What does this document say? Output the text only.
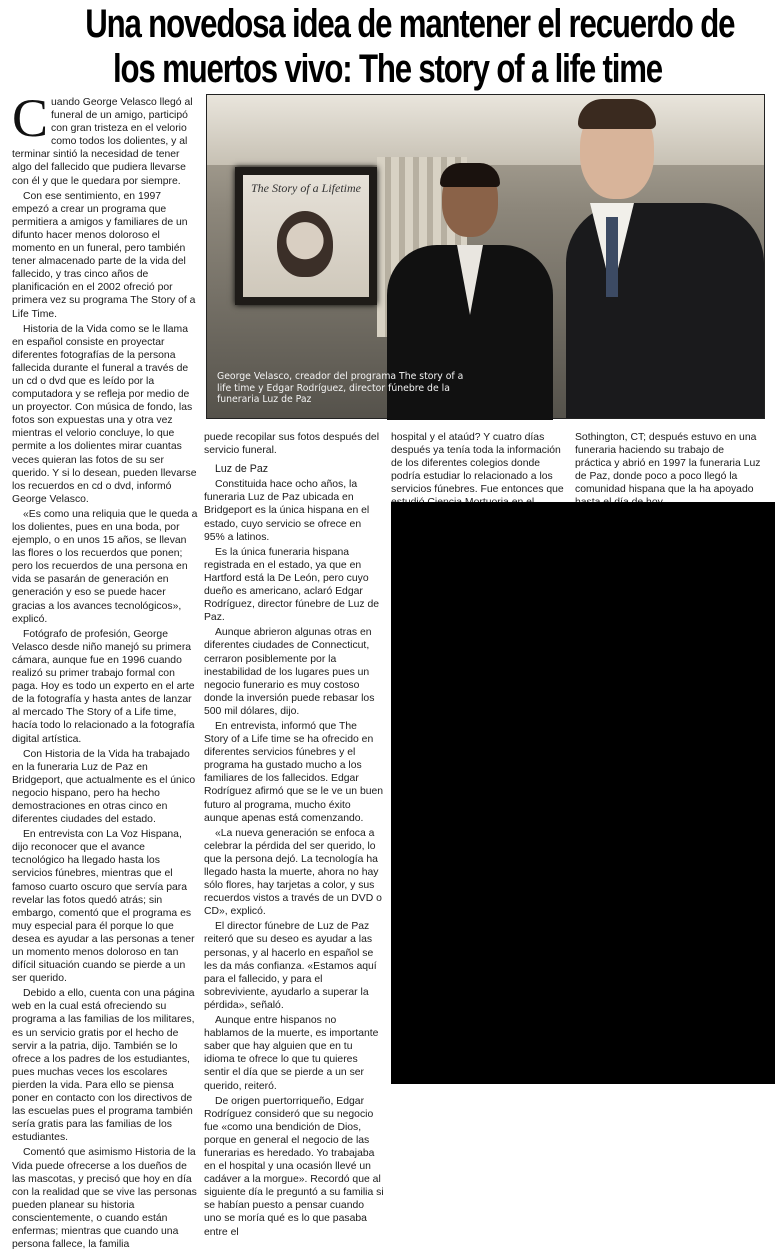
Una novedosa idea de mantener el recuerdo de
los muertos vivo: The story of a life time
C uando George Velasco llegó al funeral de un amigo, participó con gran tristeza en el velorio como todos los dolientes, y al terminar sintió la necesidad de tener algo del fallecido que pudiera llevarse con él y que le quedara por siempre.

Con ese sentimiento, en 1997 empezó a crear un programa que permitiera a amigos y familiares de un difunto hacer menos doloroso el momento en un funeral, pero también tener almacenado parte de la vida del fallecido, y tras cinco años de planificación en el 2002 ofreció por primera vez su programa The Story of a Life Time.

Historia de la Vida como se le llama en español consiste en proyectar diferentes fotografías de la persona fallecida durante el funeral a través de un cd o dvd que es leído por la computadora y se refleja por medio de un proyector. Con música de fondo, las fotos son expuestas una y otra vez mientras el velorio concluye, lo que permite a los dolientes mirar cuantas veces quieran las fotos de su ser querido. Y si lo desean, pueden llevarse los recuerdos en cd o dvd, informó George Velasco.

«Es como una reliquia que le queda a los dolientes, pues en una boda, por ejemplo, o en unos 15 años, se llevan las flores o los recuerdos que ponen; pero los recuerdos de una persona en vida se pasarán de generación en generación y eso se puede hacer gracias a los avances tecnológicos», explicó.

Fotógrafo de profesión, George Velasco desde niño manejó su primera cámara, aunque fue en 1996 cuando realizó su primer trabajo formal con paga. Hoy es todo un experto en el arte de la fotografía y hasta antes de lanzar al mercado The Story of a Life time, hacía todo lo relacionado a la fotografía digital artística.

Con Historia de la Vida ha trabajado en la funeraria Luz de Paz en Bridgeport, que actualmente es el único negocio hispano, pero ha hecho demostraciones en otras cinco en diferentes ciudades del estado.

En entrevista con La Voz Hispana, dijo reconocer que el avance tecnológico ha llegado hasta los servicios fúnebres, mientras que el famoso cuarto oscuro que servía para revelar las fotos quedó atrás; sin embargo, comentó que el programa es muy especial para él porque lo que desea es ayudar a las personas a tener un momento menos doloroso en tan difícil situación cuando se pierde a un ser querido.

Debido a ello, cuenta con una página web en la cual está ofreciendo su programa a las familias de los militares, es un servicio gratis por el hecho de servir a la patria, dijo. También se lo ofrece a los padres de los estudiantes, pues muchas veces los escolares pierden la vida. Para ello se piensa poner en contacto con los directivos de las escuelas pues el programa también sería gratis para las familias de los estudiantes.

Comentó que asimismo Historia de la Vida puede ofrecerse a los dueños de las mascotas, y precisó que hoy en día con la realidad que se vive las personas pueden planear su historia conscientemente, o cuando están enfermas; mientras que cuando una persona fallece, la familia

The Story of a Lifetime
George Velasco, creador del programa The story of a life time y Edgar Rodríguez, director fúnebre de la funeraria Luz de Paz

puede recopilar sus fotos después del servicio funeral.

Luz de Paz

Constituida hace ocho años, la funeraria Luz de Paz ubicada en Bridgeport es la única hispana en el estado, cuyo servicio se ofrece en 95% a latinos.

Es la única funeraria hispana registrada en el estado, ya que en Hartford está la De León, pero cuyo dueño es americano, aclaró Edgar Rodríguez, director fúnebre de Luz de Paz.

Aunque abrieron algunas otras en diferentes ciudades de Connecticut, cerraron posiblemente por la inestabilidad de los lugares pues un negocio funerario es muy costoso donde la inversión puede rebasar los 500 mil dólares, dijo.

En entrevista, informó que The Story of a Life time se ha ofrecido en diferentes servicios fúnebres y el programa ha gustado mucho a los familiares de los fallecidos. Edgar Rodríguez afirmó que se le ve un buen futuro al programa, mucho éxito aunque apenas está comenzando.

«La nueva generación se enfoca a celebrar la pérdida del ser querido, lo que la persona dejó. La tecnología ha llegado hasta la muerte, ahora no hay sólo flores, hay tarjetas a color, y sus recuerdos vistos a través de un DVD o CD», explicó.

El director fúnebre de Luz de Paz reiteró que su deseo es ayudar a las personas, y al hacerlo en español se les da más confianza. «Estamos aquí para el fallecido, y para el sobreviviente, ayudarlo a superar la pérdida», señaló.

Aunque entre hispanos no hablamos de la muerte, es importante saber que hay alguien que en tu idioma te ofrece lo que tu quieres sentir el día que se pierde a un ser querido, reiteró.

De origen puertorriqueño, Edgar Rodríguez consideró que su negocio fue «como una bendición de Dios, porque en general el negocio de las funerarias es heredado. Yo trabajaba en el hospital y una ocasión llevé un cadáver a la morgue». Recordó que al siguiente día le preguntó a su familia si se habían puesto a pensar cuando uno se moría qué es lo que pasaba entre el

hospital y el ataúd? Y cuatro días después ya tenía toda la información de los diferentes colegios donde podría estudiar lo relacionado a los servicios fúnebres. Fue entonces que

Sothington, CT; después estuvo en una funeraria haciendo su trabajo de práctica y abrió en 1997 la funeraria Luz de Paz, donde poco a poco llegó la comunidad hispana que la ha apoyado
